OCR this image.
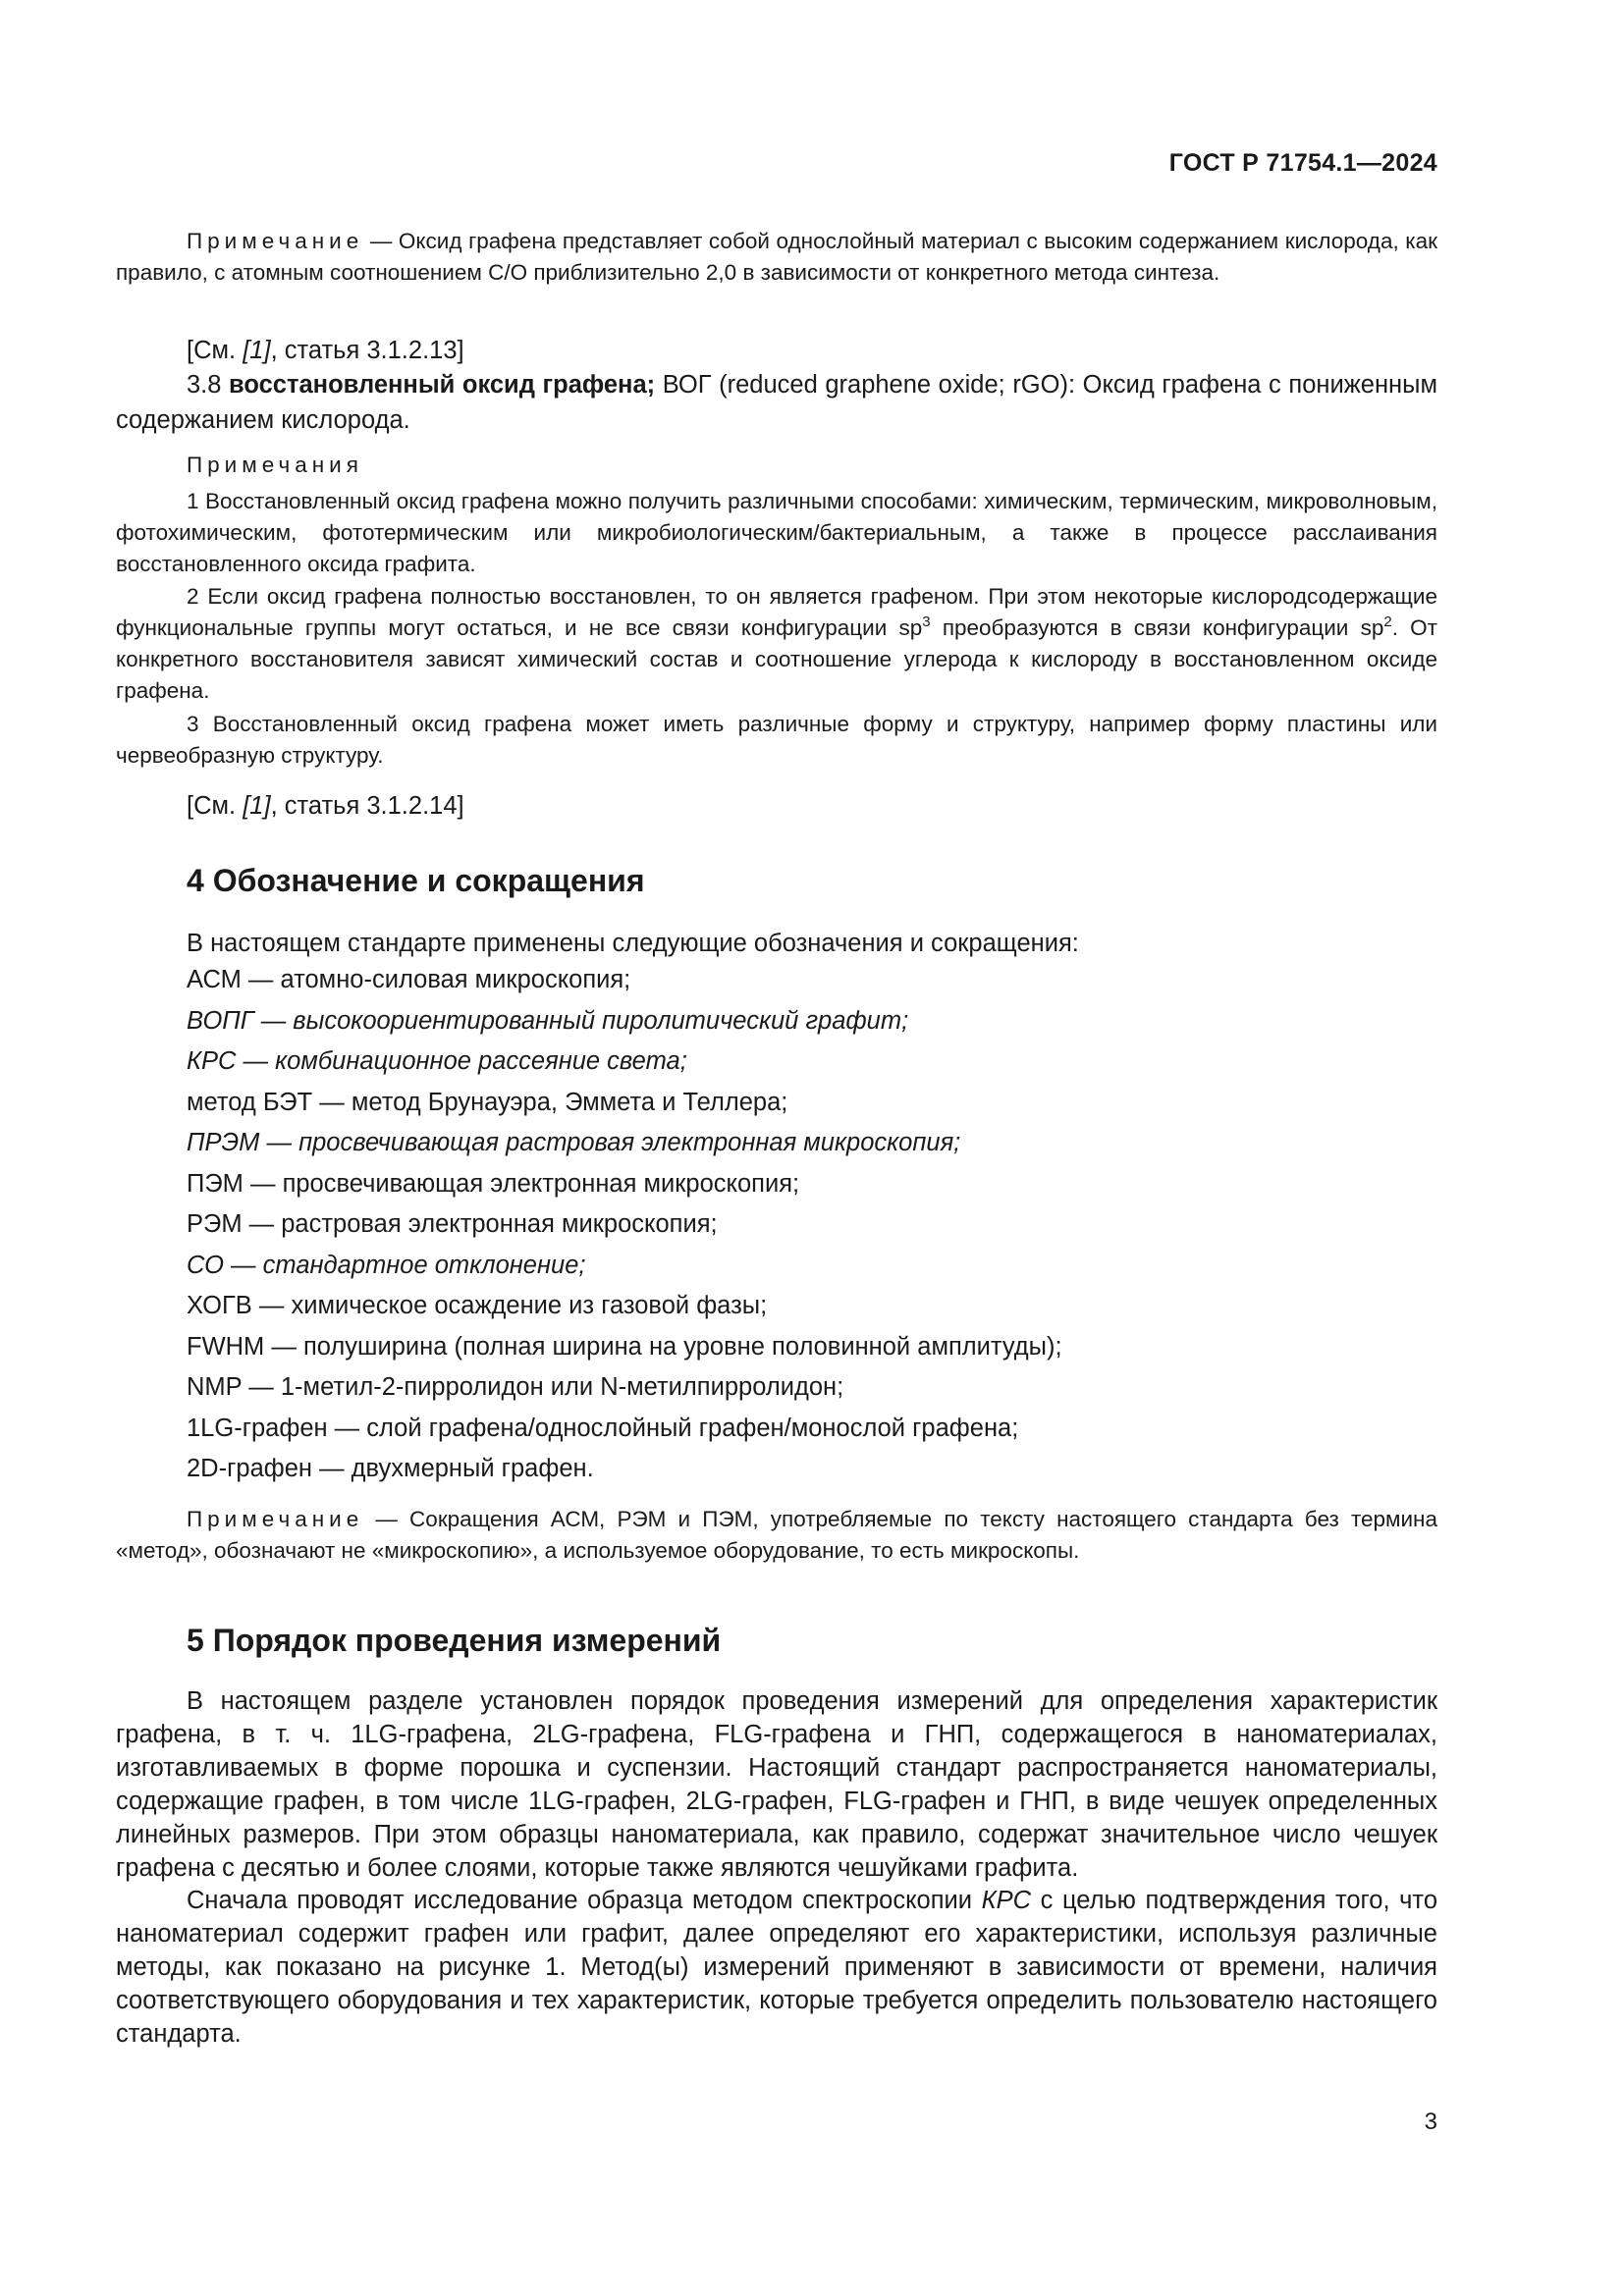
ГОСТ Р 71754.1—2024
Примечание — Оксид графена представляет собой однослойный материал с высоким содержанием кислорода, как правило, с атомным соотношением С/О приблизительно 2,0 в зависимости от конкретного метода синтеза.
[См. [1], статья 3.1.2.13]
3.8 восстановленный оксид графена; ВОГ (reduced graphene oxide; rGO): Оксид графена с пониженным содержанием кислорода.
Примечания
1 Восстановленный оксид графена можно получить различными способами: химическим, термическим, микроволновым, фотохимическим, фототермическим или микробиологическим/бактериальным, а также в процессе расслаивания восстановленного оксида графита.
2 Если оксид графена полностью восстановлен, то он является графеном. При этом некоторые кислородсодержащие функциональные группы могут остаться, и не все связи конфигурации $sp^3$ преобразуются в связи конфигурации $sp^2$. От конкретного восстановителя зависят химический состав и соотношение углерода к кислороду в восстановленном оксиде графена.
3 Восстановленный оксид графена может иметь различные форму и структуру, например форму пластины или червеобразную структуру.
[См. [1], статья 3.1.2.14]
4 Обозначение и сокращения
В настоящем стандарте применены следующие обозначения и сокращения:
АСМ — атомно-силовая микроскопия;
ВОПГ — высокоориентированный пиролитический графит;
КРС — комбинационное рассеяние света;
метод БЭТ — метод Брунауэра, Эммета и Теллера;
ПРЭМ — просвечивающая растровая электронная микроскопия;
ПЭМ — просвечивающая электронная микроскопия;
РЭМ — растровая электронная микроскопия;
СО — стандартное отклонение;
ХОГВ — химическое осаждение из газовой фазы;
FWHM — полуширина (полная ширина на уровне половинной амплитуды);
NMP — 1-метил-2-пирролидон или N-метилпирролидон;
1LG-графен — слой графена/однослойный графен/монослой графена;
2D-графен — двухмерный графен.
Примечание — Сокращения АСМ, РЭМ и ПЭМ, употребляемые по тексту настоящего стандарта без термина «метод», обозначают не «микроскопию», а используемое оборудование, то есть микроскопы.
5 Порядок проведения измерений
В настоящем разделе установлен порядок проведения измерений для определения характеристик графена, в т. ч. 1LG-графена, 2LG-графена, FLG-графена и ГНП, содержащегося в наноматериалах, изготавливаемых в форме порошка и суспензии. Настоящий стандарт распространяется наноматериалы, содержащие графен, в том числе 1LG-графен, 2LG-графен, FLG-графен и ГНП, в виде чешуек определенных линейных размеров. При этом образцы наноматериала, как правило, содержат значительное число чешуек графена с десятью и более слоями, которые также являются чешуйками графита.
Сначала проводят исследование образца методом спектроскопии КРС с целью подтверждения того, что наноматериал содержит графен или графит, далее определяют его характеристики, используя различные методы, как показано на рисунке 1. Метод(ы) измерений применяют в зависимости от времени, наличия соответствующего оборудования и тех характеристик, которые требуется определить пользователю настоящего стандарта.
3
